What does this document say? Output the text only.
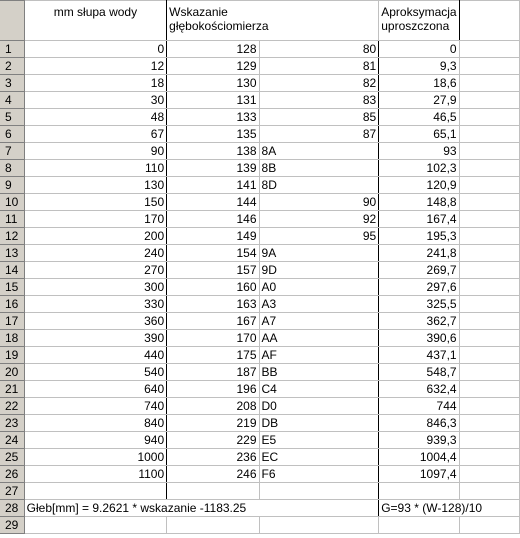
	mm słupa wody	Wskazanie
głębokościomierza		Aproksymacja
uproszczona	
1	0	128	80	0	
2	12	129	81	9,3	
3	18	130	82	18,6	
4	30	131	83	27,9	
5	48	133	85	46,5	
6	67	135	87	65,1	
7	90	138	8A	93	
8	110	139	8B	102,3	
9	130	141	8D	120,9	
10	150	144	90	148,8	
11	170	146	92	167,4	
12	200	149	95	195,3	
13	240	154	9A	241,8	
14	270	157	9D	269,7	
15	300	160	A0	297,6	
16	330	163	A3	325,5	
17	360	167	A7	362,7	
18	390	170	AA	390,6	
19	440	175	AF	437,1	
20	540	187	BB	548,7	
21	640	196	C4	632,4	
22	740	208	D0	744	
23	840	219	DB	846,3	
24	940	229	E5	939,3	
25	1000	236	EC	1004,4	
26	1100	246	F6	1097,4	
27					
28	Głeb[mm] = 9.2621 * wskazanie -1183.25			G=93 * (W-128)/10	
29					
